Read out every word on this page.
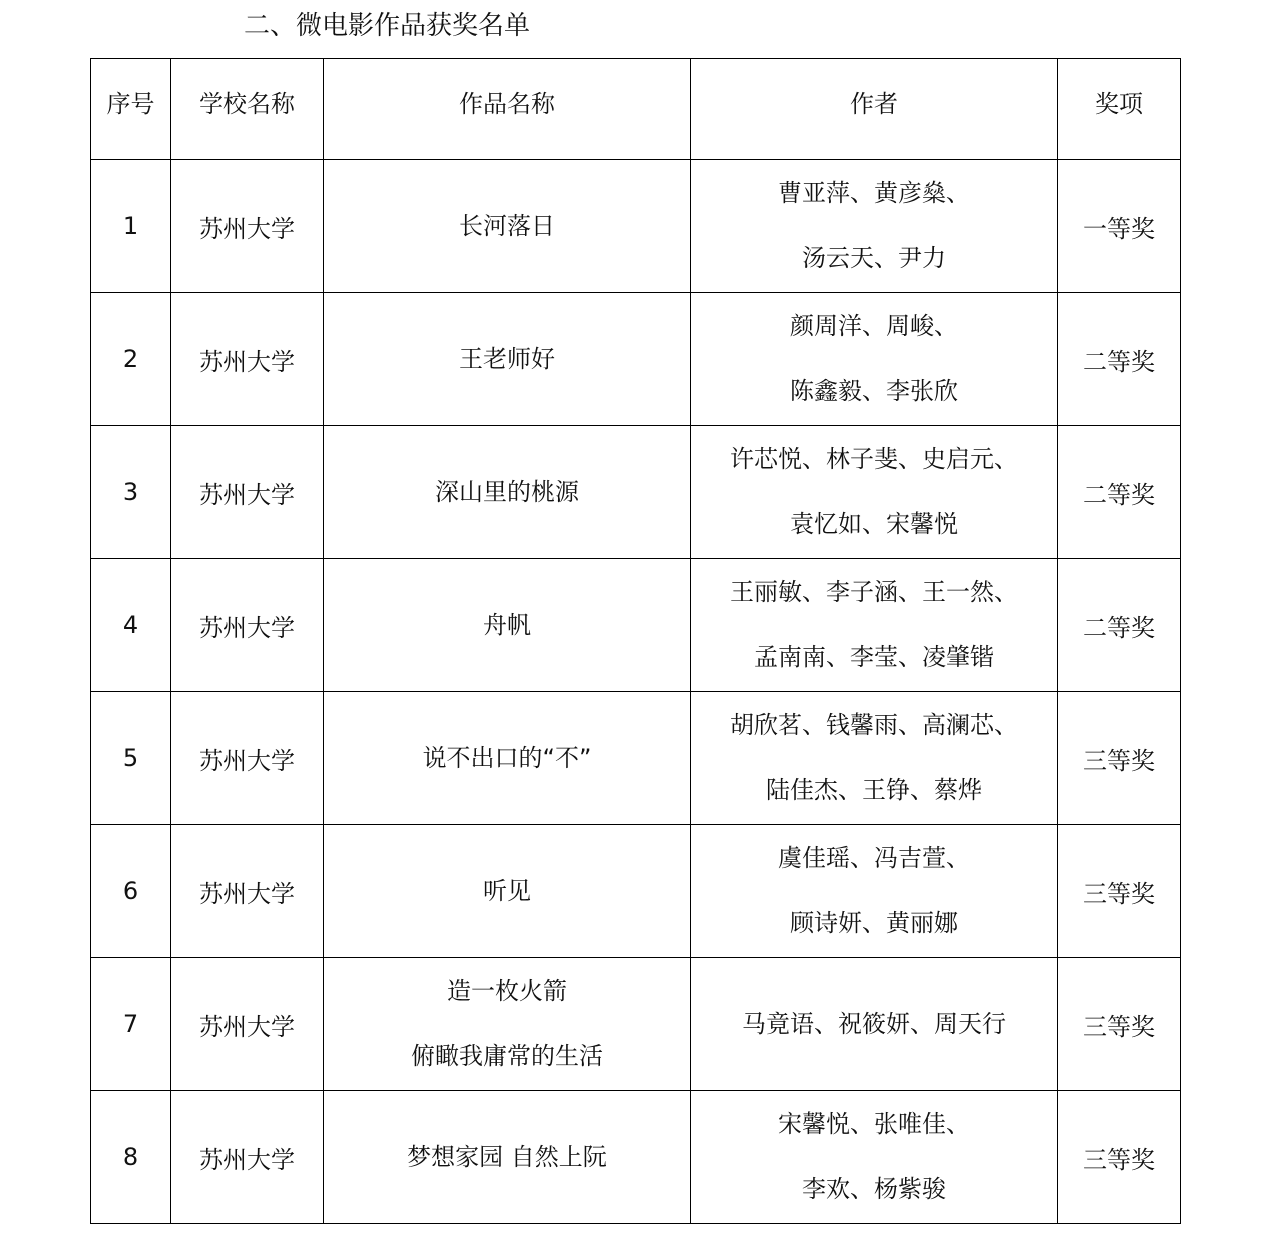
二、微电影作品获奖名单
序号	学校名称	作品名称	作者	奖项
1	苏州大学	长河落日	曹亚萍、黄彦燊、
汤云天、尹力	一等奖
2	苏州大学	王老师好	颜周洋、周峻、
陈鑫毅、李张欣	二等奖
3	苏州大学	深山里的桃源	许芯悦、林子斐、史启元、
袁忆如、宋馨悦	二等奖
4	苏州大学	舟帆	王丽敏、李子涵、王一然、
孟南南、李莹、凌肇锴	二等奖
5	苏州大学	说不出口的“不”	胡欣茗、钱馨雨、高澜芯、
陆佳杰、王铮、蔡烨	三等奖
6	苏州大学	听见	虞佳瑶、冯吉萱、
顾诗妍、黄丽娜	三等奖
7	苏州大学	造一枚火箭
俯瞰我庸常的生活	马竟语、祝筱妍、周天行	三等奖
8	苏州大学	梦想家园 自然上阮	宋馨悦、张唯佳、
李欢、杨紫骏	三等奖
